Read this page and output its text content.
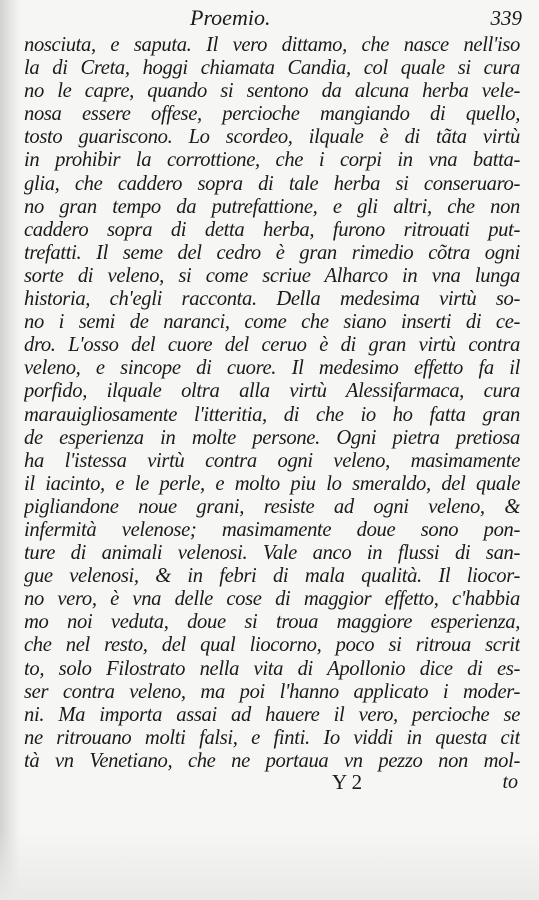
Proemio.	339
nosciuta, e saputa. Il vero dittamo, che nasce nell'iso
la di Creta, hoggi chiamata Candia, col quale si cura
no le capre, quando si sentono da alcuna herba vele-
nosa essere offese, percioche mangiando di quello,
tosto guariscono. Lo scordeo, ilquale è di tãta virtù
in prohibir la corrottione, che i corpi in vna batta-
glia, che caddero sopra di tale herba si conseruaro-
no gran tempo da putrefattione, e gli altri, che non
caddero sopra di detta herba, furono ritrouati put-
trefatti. Il seme del cedro è gran rimedio cõtra ogni
sorte di veleno, si come scriue Alharco in vna lunga
historia, ch'egli racconta. Della medesima virtù so-
no i semi de naranci, come che siano inserti di ce-
dro. L'osso del cuore del ceruo è di gran virtù contra
veleno, e sincope di cuore. Il medesimo effetto fa il
porfido, ilquale oltra alla virtù Alessifarmaca, cura
marauigliosamente l'itteritia, di che io ho fatta gran
de esperienza in molte persone. Ogni pietra pretiosa
ha l'istessa virtù contra ogni veleno, masimamente
il iacinto, e le perle, e molto piu lo smeraldo, del quale
pigliandone noue grani, resiste ad ogni veleno, &
infermità velenose; masimamente doue sono pon-
ture di animali velenosi. Vale anco in flussi di san-
gue velenosi, & in febri di mala qualità. Il liocor-
no vero, è vna delle cose di maggior effetto, c'habbia
mo noi veduta, doue si troua maggiore esperienza,
che nel resto, del qual liocorno, poco si ritroua scrit
to, solo Filostrato nella vita di Apollonio dice di es-
ser contra veleno, ma poi l'hanno applicato i moder-
ni. Ma importa assai ad hauere il vero, percioche se
ne ritrouano molti falsi, e finti. Io viddi in questa cit
tà vn Venetiano, che ne portaua vn pezzo non mol-
Y 2	to
